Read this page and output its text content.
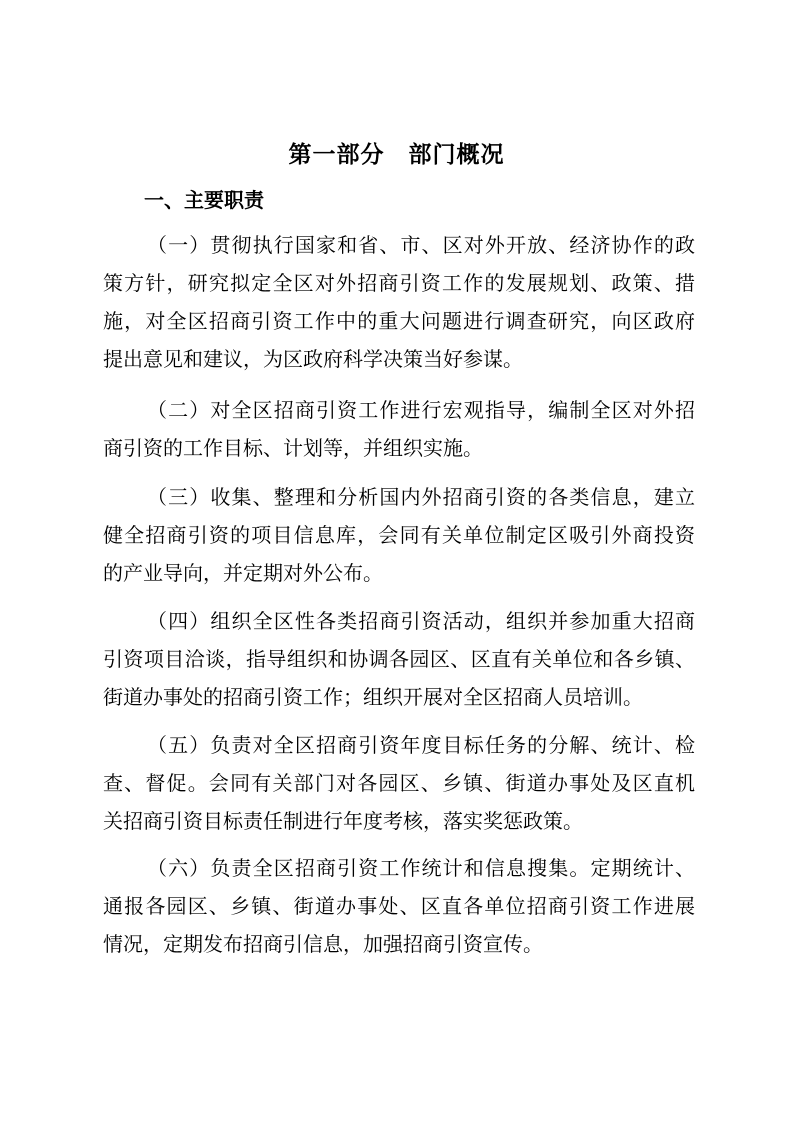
第一部分 部门概况
一、主要职责
（一）贯彻执行国家和省、市、区对外开放、经济协作的政
策方针，研究拟定全区对外招商引资工作的发展规划、政策、措
施，对全区招商引资工作中的重大问题进行调查研究，向区政府
提出意见和建议，为区政府科学决策当好参谋。
（二）对全区招商引资工作进行宏观指导，编制全区对外招
商引资的工作目标、计划等，并组织实施。
（三）收集、整理和分析国内外招商引资的各类信息，建立
健全招商引资的项目信息库，会同有关单位制定区吸引外商投资
的产业导向，并定期对外公布。
（四）组织全区性各类招商引资活动，组织并参加重大招商
引资项目洽谈，指导组织和协调各园区、区直有关单位和各乡镇、
街道办事处的招商引资工作；组织开展对全区招商人员培训。
（五）负责对全区招商引资年度目标任务的分解、统计、检
查、督促。会同有关部门对各园区、乡镇、街道办事处及区直机
关招商引资目标责任制进行年度考核，落实奖惩政策。
（六）负责全区招商引资工作统计和信息搜集。定期统计、
通报各园区、乡镇、街道办事处、区直各单位招商引资工作进展
情况，定期发布招商引信息，加强招商引资宣传。
